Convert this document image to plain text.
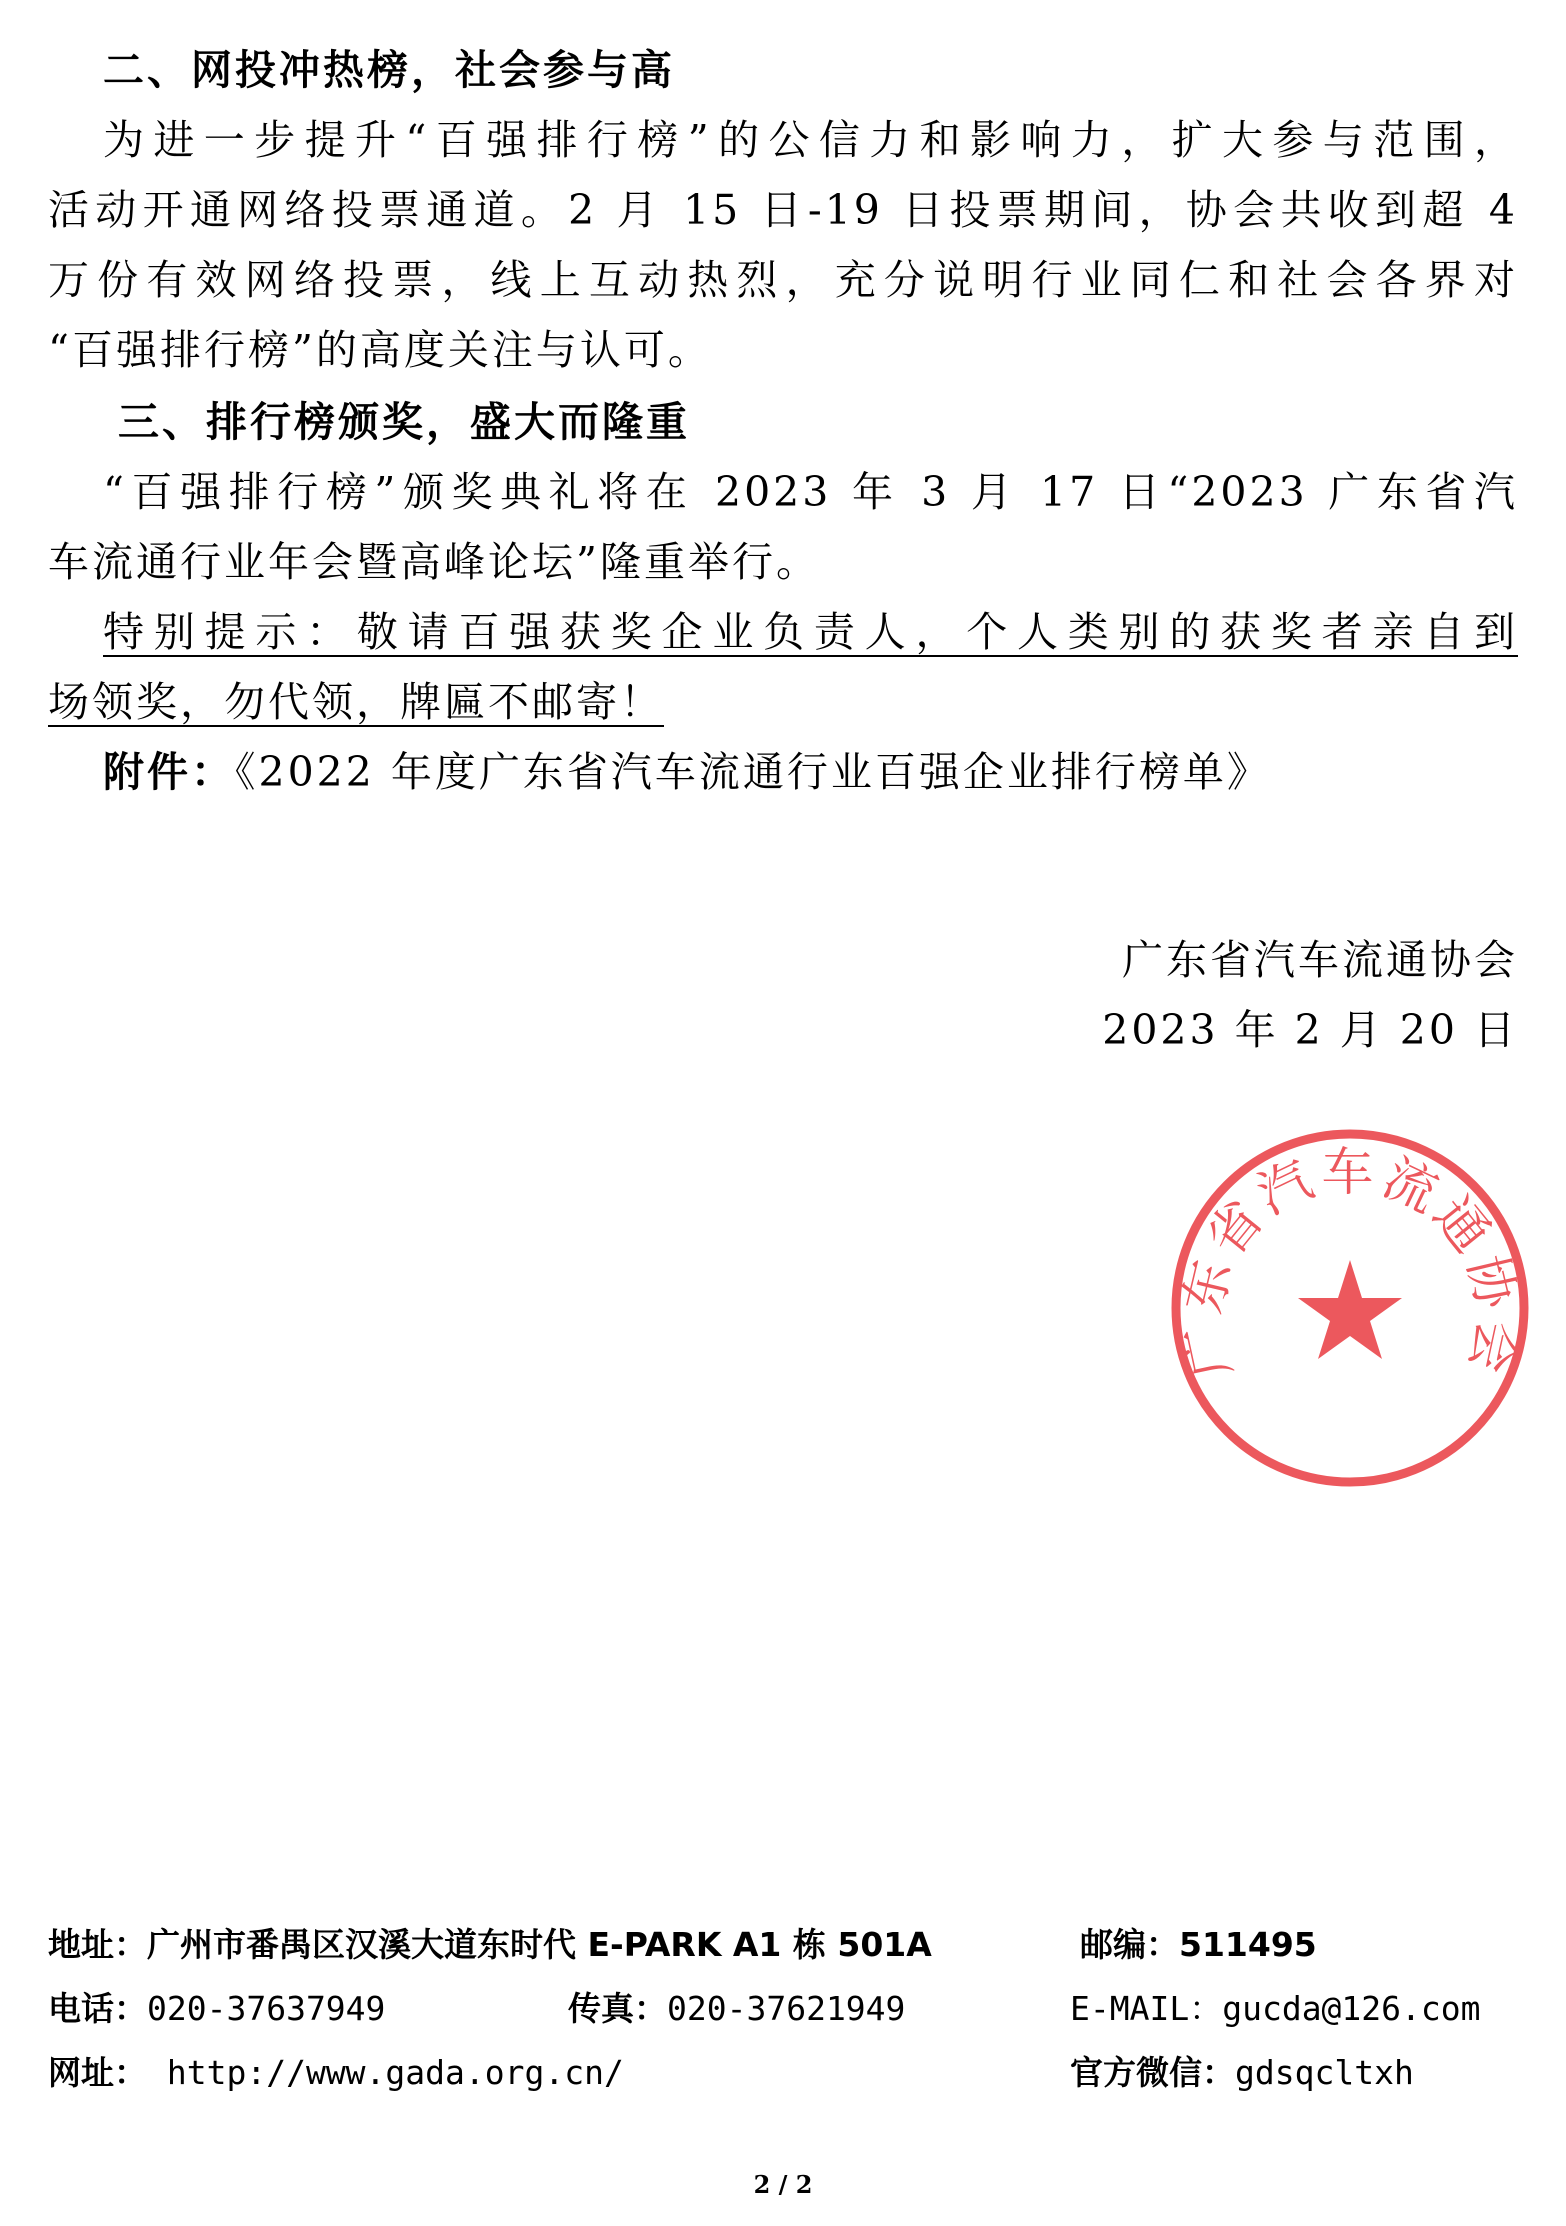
二、网投冲热榜，社会参与高
为进一步提升“百强排行榜”的公信力和影响力，扩大参与范围，
活动开通网络投票通道。2 月 15 日-19 日投票期间，协会共收到超 4
万份有效网络投票，线上互动热烈，充分说明行业同仁和社会各界对
“百强排行榜”的高度关注与认可。
三、排行榜颁奖，盛大而隆重
“百强排行榜”颁奖典礼将在 2023 年 3 月 17 日“2023 广东省汽
车流通行业年会暨高峰论坛”隆重举行。
特别提示：敬请百强获奖企业负责人，个人类别的获奖者亲自到
场领奖，勿代领，牌匾不邮寄！
附件：《2022 年度广东省汽车流通行业百强企业排行榜单》
广东省汽车流通协会
广东省汽车流通协会
2023 年 2 月 20 日
地址：广州市番禺区汉溪大道东时代 E-PARK A1 栋 501A	邮编：511495
电话：020-37637949	传真：020-37621949	E-MAIL：gucda@126.com
网址： http://www.gada.org.cn/	官方微信：gdsqcltxh
2 / 2
